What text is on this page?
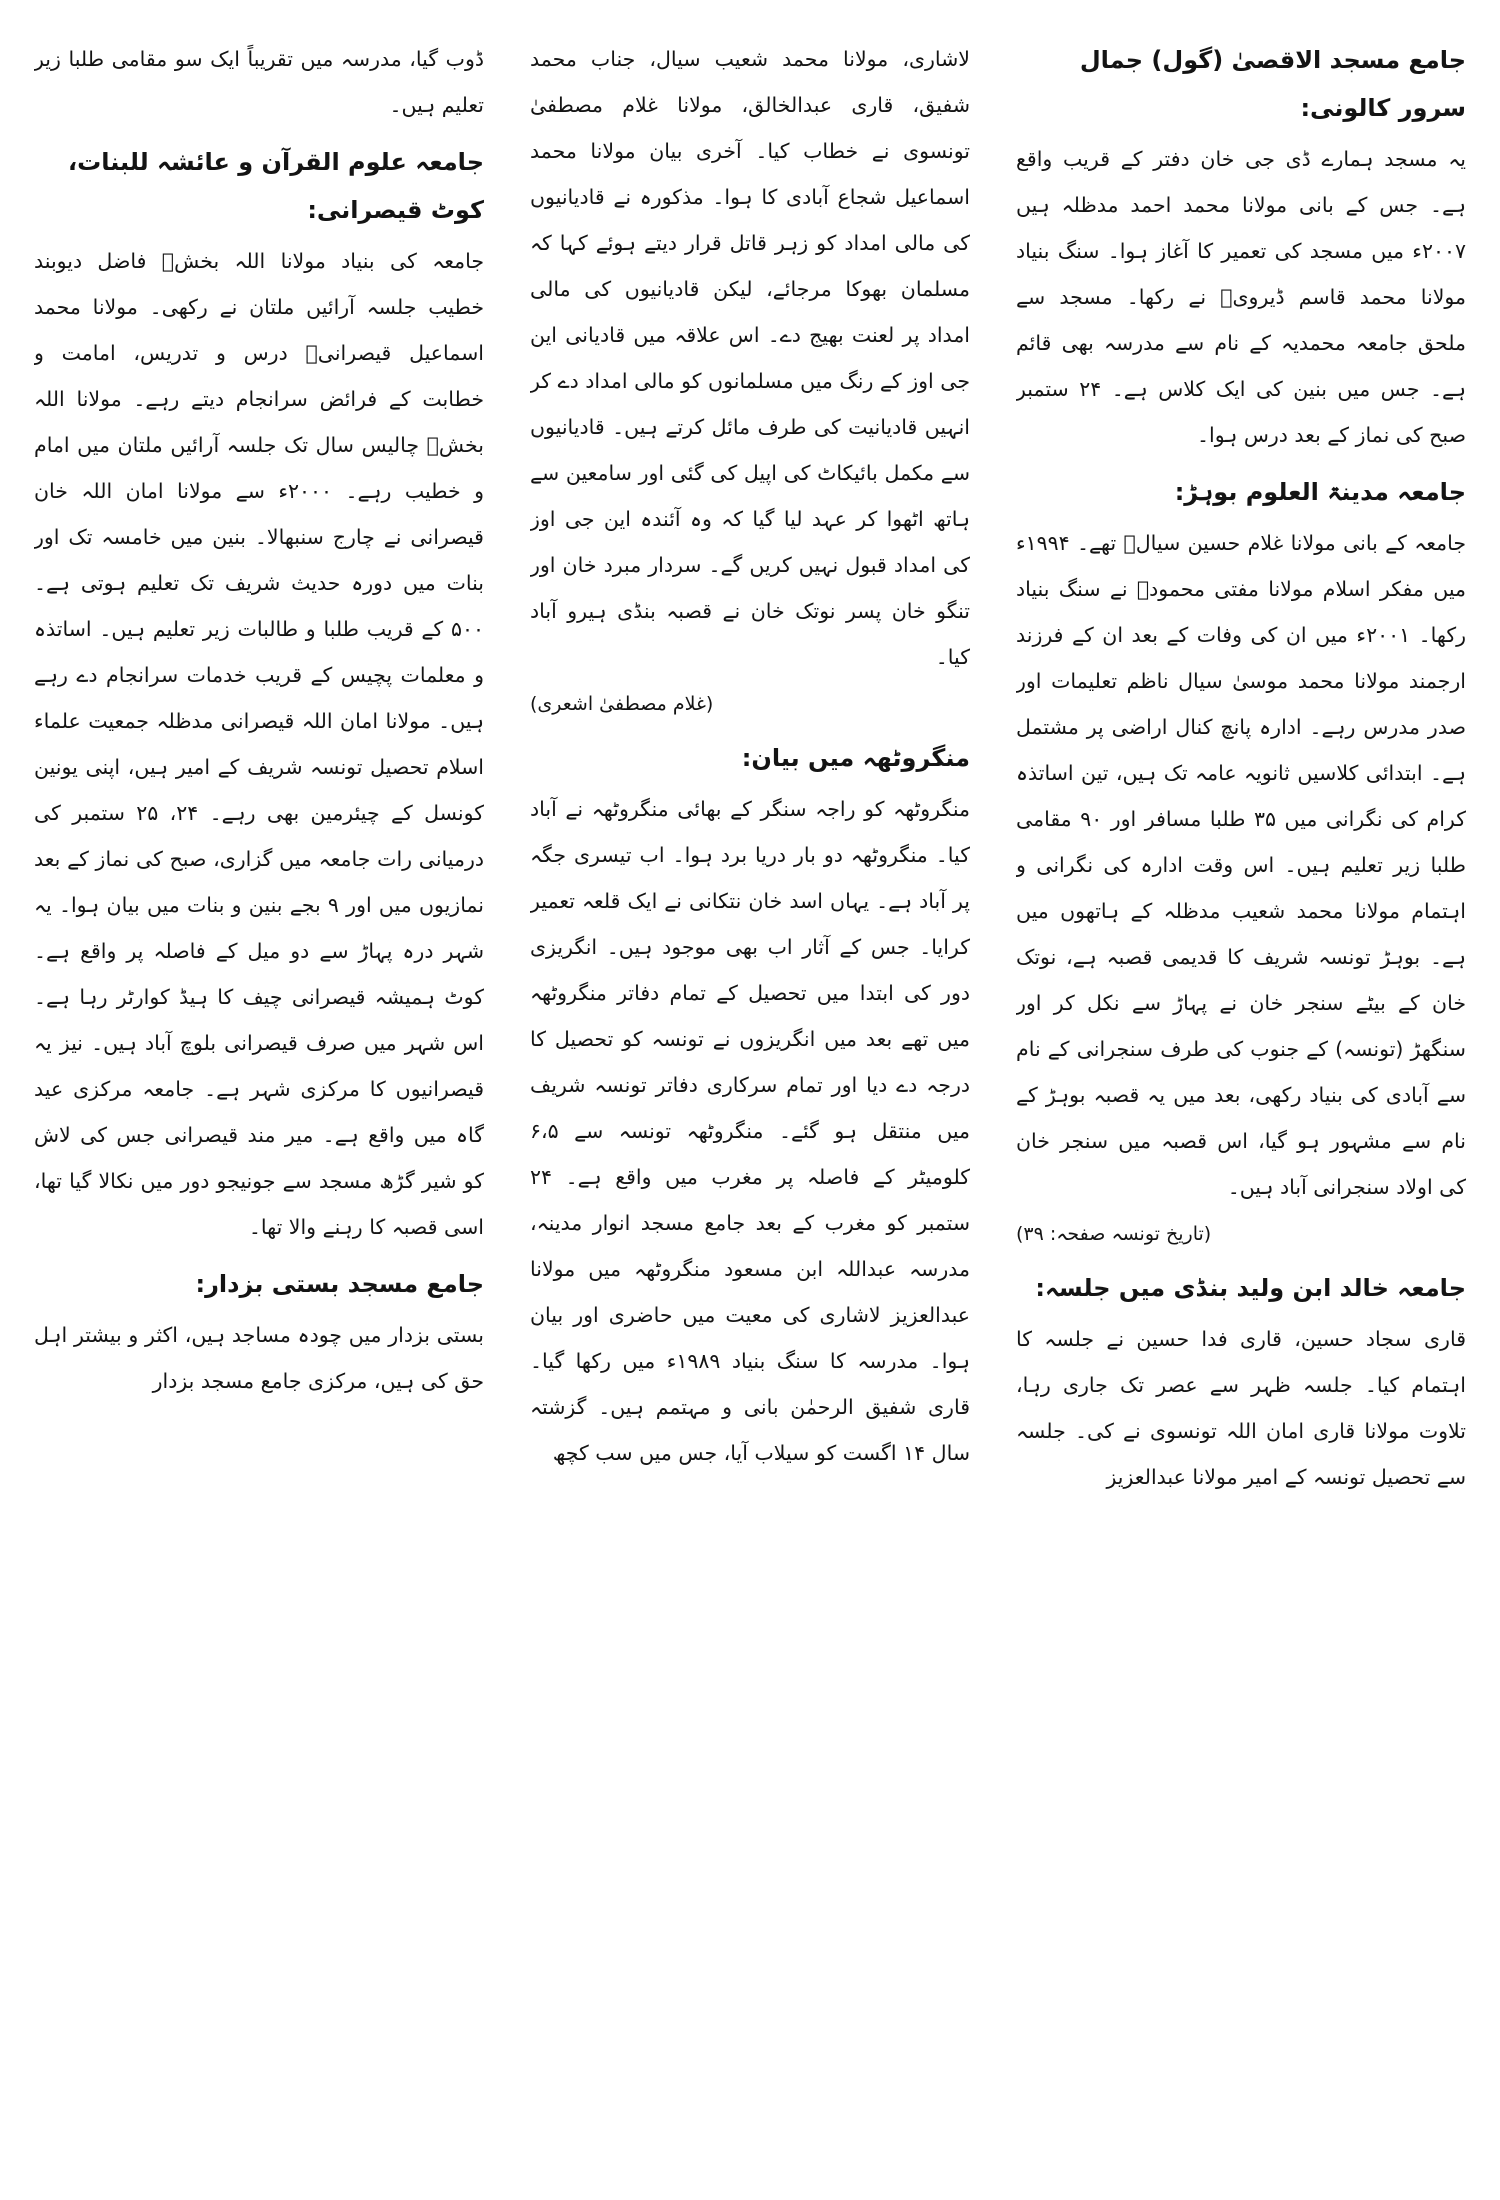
جامع مسجد الاقصیٰ (گول) جمال سرور کالونی:

یہ مسجد ہمارے ڈی جی خان دفتر کے قریب واقع ہے۔ جس کے بانی مولانا محمد احمد مدظلہ ہیں ۲۰۰۷ء میں مسجد کی تعمیر کا آغاز ہوا۔ سنگ بنیاد مولانا محمد قاسم ڈیرویؒ نے رکھا۔ مسجد سے ملحق جامعہ محمدیہ کے نام سے مدرسہ بھی قائم ہے۔ جس میں بنین کی ایک کلاس ہے۔ ۲۴ ستمبر صبح کی نماز کے بعد درس ہوا۔

جامعہ مدینۃ العلوم بوہڑ:

جامعہ کے بانی مولانا غلام حسین سیالؒ تھے۔ ۱۹۹۴ء میں مفکر اسلام مولانا مفتی محمودؒ نے سنگ بنیاد رکھا۔ ۲۰۰۱ء میں ان کی وفات کے بعد ان کے فرزند ارجمند مولانا محمد موسیٰ سیال ناظم تعلیمات اور صدر مدرس رہے۔ ادارہ پانچ کنال اراضی پر مشتمل ہے۔ ابتدائی کلاسیں ثانویہ عامہ تک ہیں، تین اساتذہ کرام کی نگرانی میں ۳۵ طلبا مسافر اور ۹۰ مقامی طلبا زیر تعلیم ہیں۔ اس وقت ادارہ کی نگرانی و اہتمام مولانا محمد شعیب مدظلہ کے ہاتھوں میں ہے۔ بوہڑ تونسہ شریف کا قدیمی قصبہ ہے، نوتک خان کے بیٹے سنجر خان نے پہاڑ سے نکل کر اور سنگھڑ (تونسہ) کے جنوب کی طرف سنجرانی کے نام سے آبادی کی بنیاد رکھی، بعد میں یہ قصبہ بوہڑ کے نام سے مشہور ہو گیا، اس قصبہ میں سنجر خان کی اولاد سنجرانی آباد ہیں۔

(تاریخ تونسہ صفحہ: ۳۹)

جامعہ خالد ابن ولید بنڈی میں جلسہ:

قاری سجاد حسین، قاری فدا حسین نے جلسہ کا اہتمام کیا۔ جلسہ ظہر سے عصر تک جاری رہا، تلاوت مولانا قاری امان اللہ تونسوی نے کی۔ جلسہ سے تحصیل تونسہ کے امیر مولانا عبدالعزیز

لاشاری، مولانا محمد شعیب سیال، جناب محمد شفیق، قاری عبدالخالق، مولانا غلام مصطفیٰ تونسوی نے خطاب کیا۔ آخری بیان مولانا محمد اسماعیل شجاع آبادی کا ہوا۔ مذکورہ نے قادیانیوں کی مالی امداد کو زہر قاتل قرار دیتے ہوئے کہا کہ مسلمان بھوکا مرجائے، لیکن قادیانیوں کی مالی امداد پر لعنت بھیج دے۔ اس علاقہ میں قادیانی این جی اوز کے رنگ میں مسلمانوں کو مالی امداد دے کر انہیں قادیانیت کی طرف مائل کرتے ہیں۔ قادیانیوں سے مکمل بائیکاٹ کی اپیل کی گئی اور سامعین سے ہاتھ اٹھوا کر عہد لیا گیا کہ وہ آئندہ این جی اوز کی امداد قبول نہیں کریں گے۔ سردار مبرد خان اور تنگو خان پسر نوتک خان نے قصبہ بنڈی ہیرو آباد کیا۔

(غلام مصطفیٰ اشعری)

منگروٹھہ میں بیان:

منگروٹھہ کو راجہ سنگر کے بھائی منگروٹھہ نے آباد کیا۔ منگروٹھہ دو بار دریا برد ہوا۔ اب تیسری جگہ پر آباد ہے۔ یہاں اسد خان نتکانی نے ایک قلعہ تعمیر کرایا۔ جس کے آثار اب بھی موجود ہیں۔ انگریزی دور کی ابتدا میں تحصیل کے تمام دفاتر منگروٹھہ میں تھے بعد میں انگریزوں نے تونسہ کو تحصیل کا درجہ دے دیا اور تمام سرکاری دفاتر تونسہ شریف میں منتقل ہو گئے۔ منگروٹھہ تونسہ سے ۶،۵ کلومیٹر کے فاصلہ پر مغرب میں واقع ہے۔ ۲۴ ستمبر کو مغرب کے بعد جامع مسجد انوار مدینہ، مدرسہ عبداللہ ابن مسعود منگروٹھہ میں مولانا عبدالعزیز لاشاری کی معیت میں حاضری اور بیان ہوا۔ مدرسہ کا سنگ بنیاد ۱۹۸۹ء میں رکھا گیا۔ قاری شفیق الرحمٰن بانی و مہتمم ہیں۔ گزشتہ سال ۱۴ اگست کو سیلاب آیا، جس میں سب کچھ

ڈوب گیا، مدرسہ میں تقریباً ایک سو مقامی طلبا زیر تعلیم ہیں۔

جامعہ علوم القرآن و عائشہ للبنات، کوٹ قیصرانی:

جامعہ کی بنیاد مولانا اللہ بخشؒ فاضل دیوبند خطیب جلسہ آرائیں ملتان نے رکھی۔ مولانا محمد اسماعیل قیصرانیؒ درس و تدریس، امامت و خطابت کے فرائض سرانجام دیتے رہے۔ مولانا اللہ بخشؒ چالیس سال تک جلسہ آرائیں ملتان میں امام و خطیب رہے۔ ۲۰۰۰ء سے مولانا امان اللہ خان قیصرانی نے چارج سنبھالا۔ بنین میں خامسہ تک اور بنات میں دورہ حدیث شریف تک تعلیم ہوتی ہے۔ ۵۰۰ کے قریب طلبا و طالبات زیر تعلیم ہیں۔ اساتذہ و معلمات پچیس کے قریب خدمات سرانجام دے رہے ہیں۔ مولانا امان اللہ قیصرانی مدظلہ جمعیت علماء اسلام تحصیل تونسہ شریف کے امیر ہیں، اپنی یونین کونسل کے چیئرمین بھی رہے۔ ۲۴، ۲۵ ستمبر کی درمیانی رات جامعہ میں گزاری، صبح کی نماز کے بعد نمازیوں میں اور ۹ بجے بنین و بنات میں بیان ہوا۔ یہ شہر درہ پہاڑ سے دو میل کے فاصلہ پر واقع ہے۔ کوٹ ہمیشہ قیصرانی چیف کا ہیڈ کوارٹر رہا ہے۔ اس شہر میں صرف قیصرانی بلوچ آباد ہیں۔ نیز یہ قیصرانیوں کا مرکزی شہر ہے۔ جامعہ مرکزی عید گاہ میں واقع ہے۔ میر مند قیصرانی جس کی لاش کو شیر گڑھ مسجد سے جونیجو دور میں نکالا گیا تھا، اسی قصبہ کا رہنے والا تھا۔

جامع مسجد بستی بزدار:

بستی بزدار میں چودہ مساجد ہیں، اکثر و بیشتر اہل حق کی ہیں، مرکزی جامع مسجد بزدار
